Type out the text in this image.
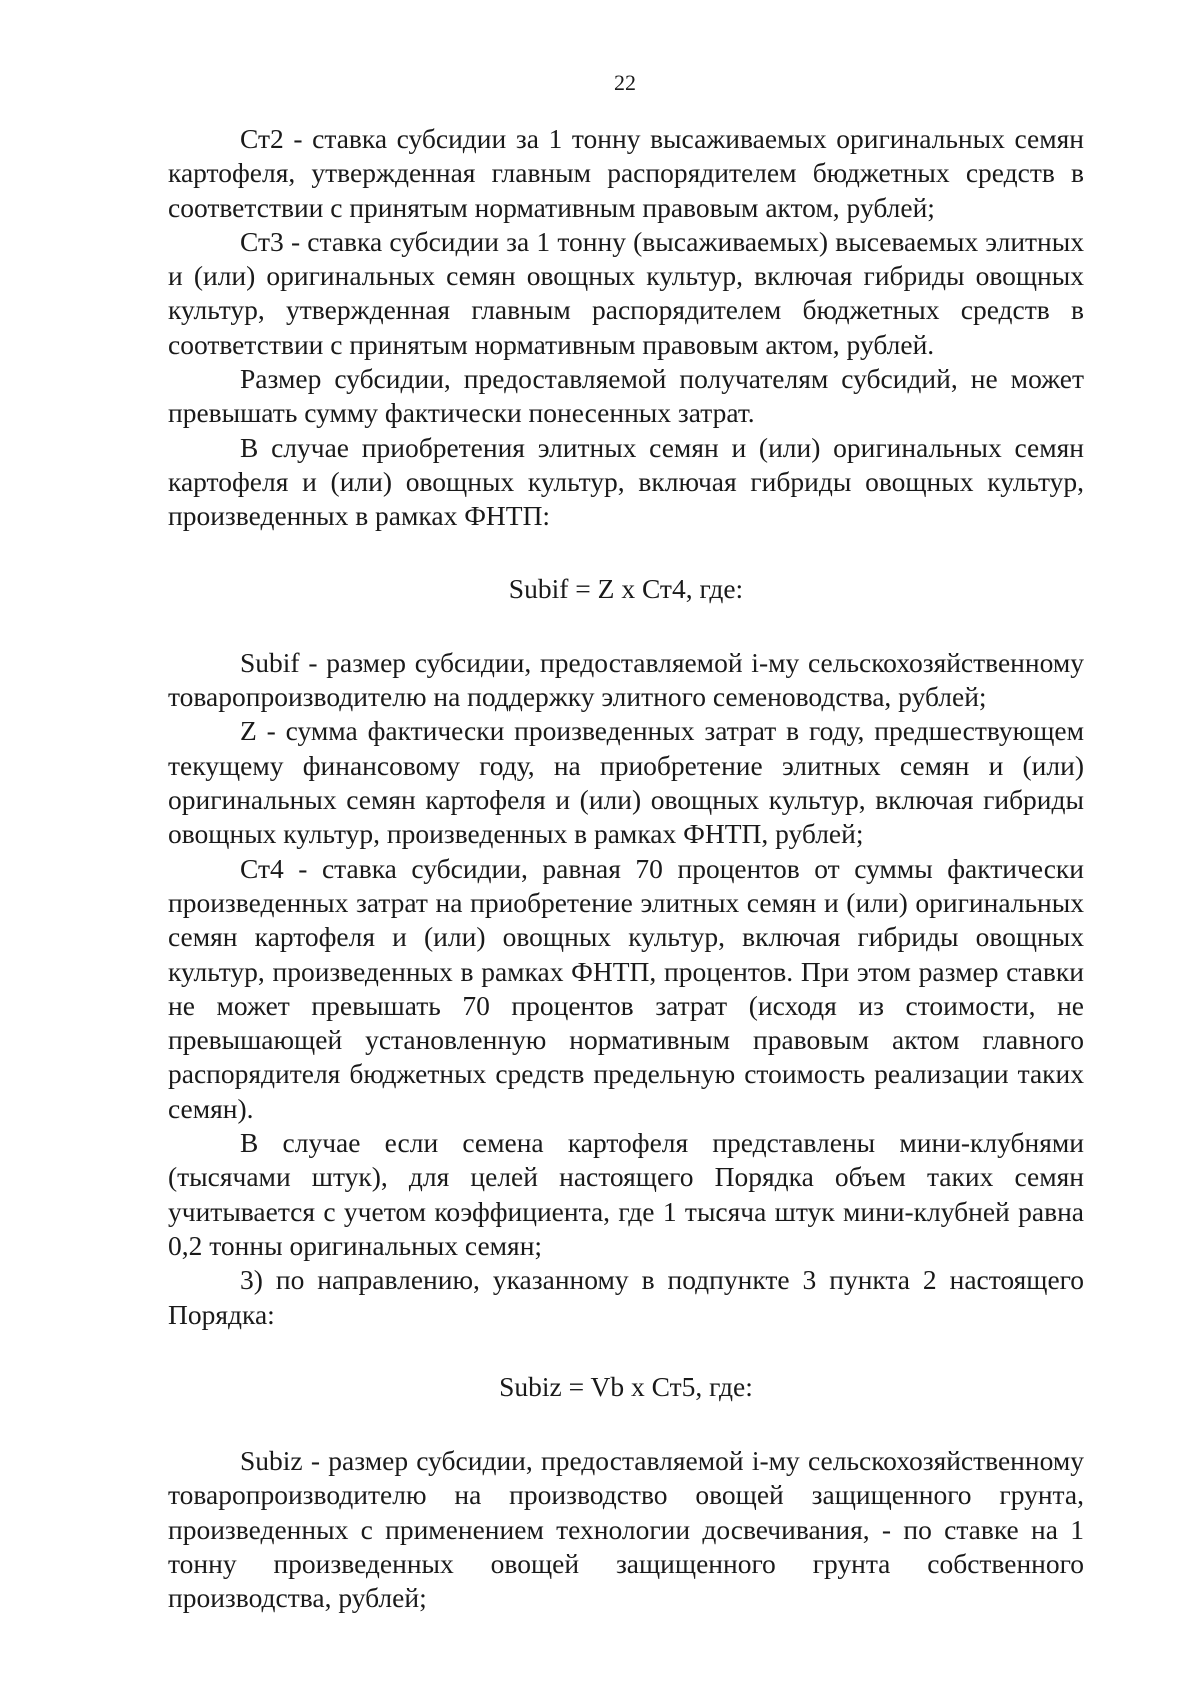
22

Ст2 - ставка субсидии за 1 тонну высаживаемых оригинальных семян картофеля, утвержденная главным распорядителем бюджетных средств в соответствии с принятым нормативным правовым актом, рублей;

Ст3 - ставка субсидии за 1 тонну (высаживаемых) высеваемых элитных и (или) оригинальных семян овощных культур, включая гибриды овощных культур, утвержденная главным распорядителем бюджетных средств в соответствии с принятым нормативным правовым актом, рублей.

Размер субсидии, предоставляемой получателям субсидий, не может превышать сумму фактически понесенных затрат.

В случае приобретения элитных семян и (или) оригинальных семян картофеля и (или) овощных культур, включая гибриды овощных культур, произведенных в рамках ФНТП:

Subif = Z x Ст4, где:

Subif - размер субсидии, предоставляемой i-му сельскохозяйственному товаропроизводителю на поддержку элитного семеноводства, рублей;

Z - сумма фактически произведенных затрат в году, предшествующем текущему финансовому году, на приобретение элитных семян и (или) оригинальных семян картофеля и (или) овощных культур, включая гибриды овощных культур, произведенных в рамках ФНТП, рублей;

Ст4 - ставка субсидии, равная 70 процентов от суммы фактически произведенных затрат на приобретение элитных семян и (или) оригинальных семян картофеля и (или) овощных культур, включая гибриды овощных культур, произведенных в рамках ФНТП, процентов. При этом размер ставки не может превышать 70 процентов затрат (исходя из стоимости, не превышающей установленную нормативным правовым актом главного распорядителя бюджетных средств предельную стоимость реализации таких семян).

В случае если семена картофеля представлены мини-клубнями (тысячами штук), для целей настоящего Порядка объем таких семян учитывается с учетом коэффициента, где 1 тысяча штук мини-клубней равна 0,2 тонны оригинальных семян;

3) по направлению, указанному в подпункте 3 пункта 2 настоящего Порядка:

Subiz = Vb x Ст5, где:

Subiz - размер субсидии, предоставляемой i-му сельскохозяйственному товаропроизводителю на производство овощей защищенного грунта, произведенных с применением технологии досвечивания, - по ставке на 1 тонну произведенных овощей защищенного грунта собственного производства, рублей;
